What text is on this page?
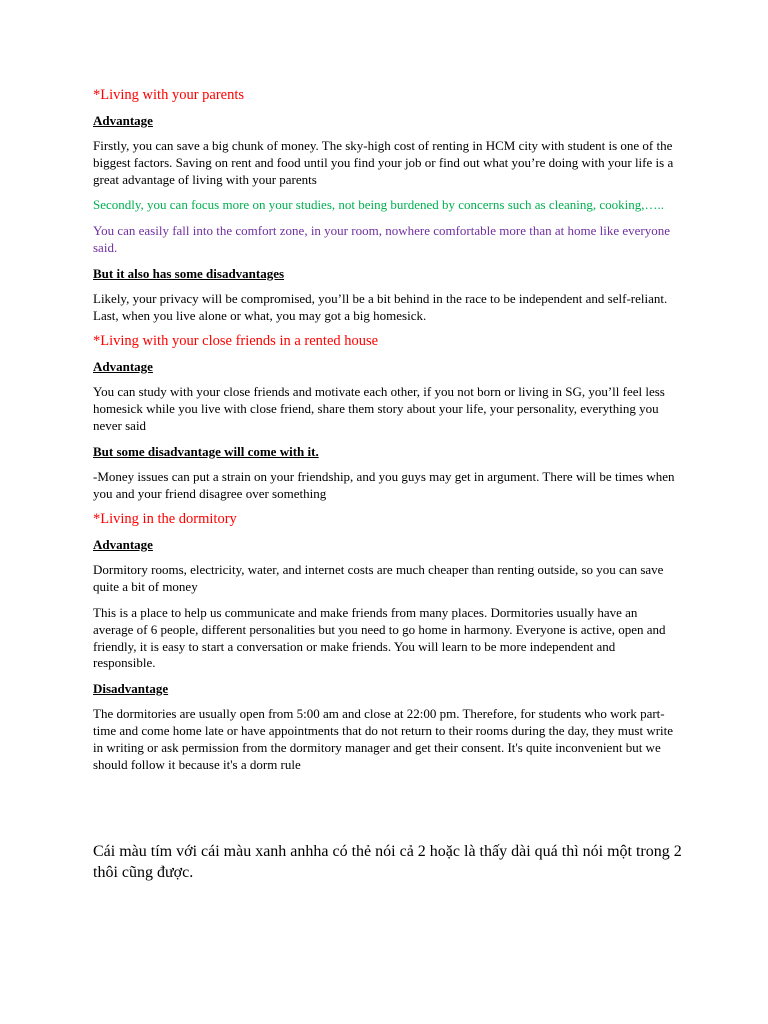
*Living with your parents
Advantage
Firstly, you can save a big chunk of money. The sky-high cost of renting in HCM city with student is one of the biggest factors. Saving on rent and food until you find your job or find out what you’re doing with your life is a great advantage of living with your parents
Secondly, you can focus more on your studies, not being burdened by concerns such as cleaning, cooking,…..
You can easily fall into the comfort zone, in your room, nowhere comfortable more than at home like everyone said.
But it also has some disadvantages
Likely, your privacy will be compromised, you’ll be a bit behind in the race to be independent and self-reliant. Last, when you live alone or what, you may got a big homesick.
*Living with your close friends in a rented house
Advantage
You can study with your close friends and motivate each other, if you not born or living in SG, you’ll feel less homesick while you live with close friend, share them story about your life, your personality, everything you never said
But some disadvantage will come with it.
-Money issues can put a strain on your friendship, and you guys may get in argument. There will be times when you and your friend disagree over something
*Living in the dormitory
Advantage
Dormitory rooms, electricity, water, and internet costs are much cheaper than renting outside, so you can save quite a bit of money
This is a place to help us communicate and make friends from many places. Dormitories usually have an average of 6 people, different personalities but you need to go home in harmony. Everyone is active, open and friendly, it is easy to start a conversation or make friends. You will learn to be more independent and responsible.
Disadvantage
The dormitories are usually open from 5:00 am and close at 22:00 pm. Therefore, for students who work part-time and come home late or have appointments that do not return to their rooms during the day, they must write in writing or ask permission from the dormitory manager and get their consent. It's quite inconvenient but we should follow it because it's a dorm rule
Cái màu tím với cái màu xanh anhha có thẻ nói cả 2 hoặc là thấy dài quá thì nói một trong 2 thôi cũng được.
